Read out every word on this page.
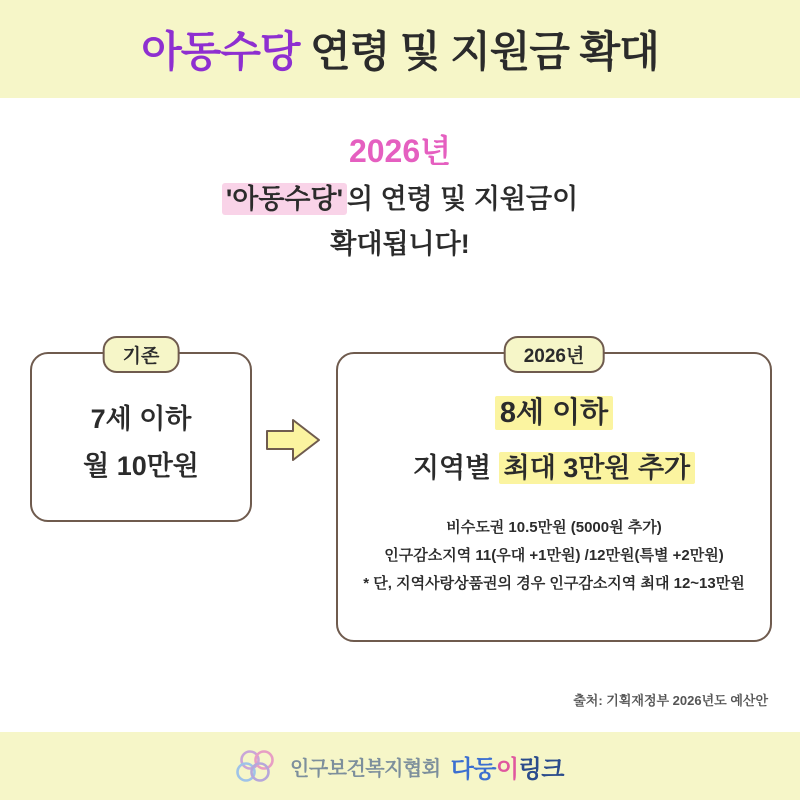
아동수당 연령 및 지원금 확대
2026년
'아동수당' 의 연령 및 지원금이
확대됩니다!
기존
7세 이하
월 10만원
2026년
8세 이하
지역별 최대 3만원 추가
비수도권 10.5만원 (5000원 추가)
인구감소지역 11(우대 +1만원) /12만원(특별 +2만원)
* 단, 지역사랑상품권의 경우 인구감소지역 최대 12~13만원
출처: 기획재정부 2026년도 예산안
인구보건복지협회 다둥이링크
